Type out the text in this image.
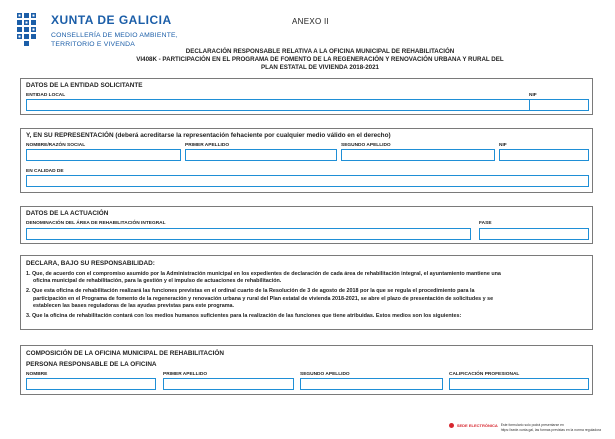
XUNTA DE GALICIA
CONSELLERÍA DE MEDIO AMBIENTE,
TERRITORIO E VIVENDA
ANEXO II
DECLARACIÓN RESPONSABLE RELATIVA A LA OFICINA MUNICIPAL DE REHABILITACIÓN
VI408K - PARTICIPACIÓN EN EL PROGRAMA DE FOMENTO DE LA REGENERACIÓN Y RENOVACIÓN URBANA Y RURAL DEL
PLAN ESTATAL DE VIVIENDA 2018-2021
DATOS DE LA ENTIDAD SOLICITANTE
ENTIDAD LOCAL	NIF
Y, EN SU REPRESENTACIÓN (deberá acreditarse la representación fehaciente por cualquier medio válido en el derecho)
NOMBRE/RAZÓN SOCIAL	PRIMER APELLIDO	SEGUNDO APELLIDO	NIF
EN CALIDAD DE
DATOS DE LA ACTUACIÓN
DENOMINACIÓN DEL ÁREA DE REHABILITACIÓN INTEGRAL	FASE
DECLARA, BAJO SU RESPONSABILIDAD:
1. Que, de acuerdo con el compromiso asumido por la Administración municipal en los expedientes de declaración de cada área de rehabilitación integral, el ayuntamiento mantiene una
oficina municipal de rehabilitación, para la gestión y el impulso de actuaciones de rehabilitación.
2. Que esta oficina de rehabilitación realizará las funciones previstas en el ordinal cuarto de la Resolución de 3 de agosto de 2018 por la que se regula el procedimiento para la
participación en el Programa de fomento de la regeneración y renovación urbana y rural del Plan estatal de vivienda 2018-2021, se abre el plazo de presentación de solicitudes y se
establecen las bases reguladoras de las ayudas previstas para este programa.
3. Que la oficina de rehabilitación contará con los medios humanos suficientes para la realización de las funciones que tiene atribuidas. Estos medios son los siguientes:
COMPOSICIÓN DE LA OFICINA MUNICIPAL DE REHABILITACIÓN
PERSONA RESPONSABLE DE LA OFICINA
NOMBRE	PRIMER APELLIDO	SEGUNDO APELLIDO	CALIFICACIÓN PROFESIONAL
SEDE ELECTRÓNICA Este formulario solo podrá presentarse en
https://sede.xunta.gal, las formas previstas en la norma reguladora
